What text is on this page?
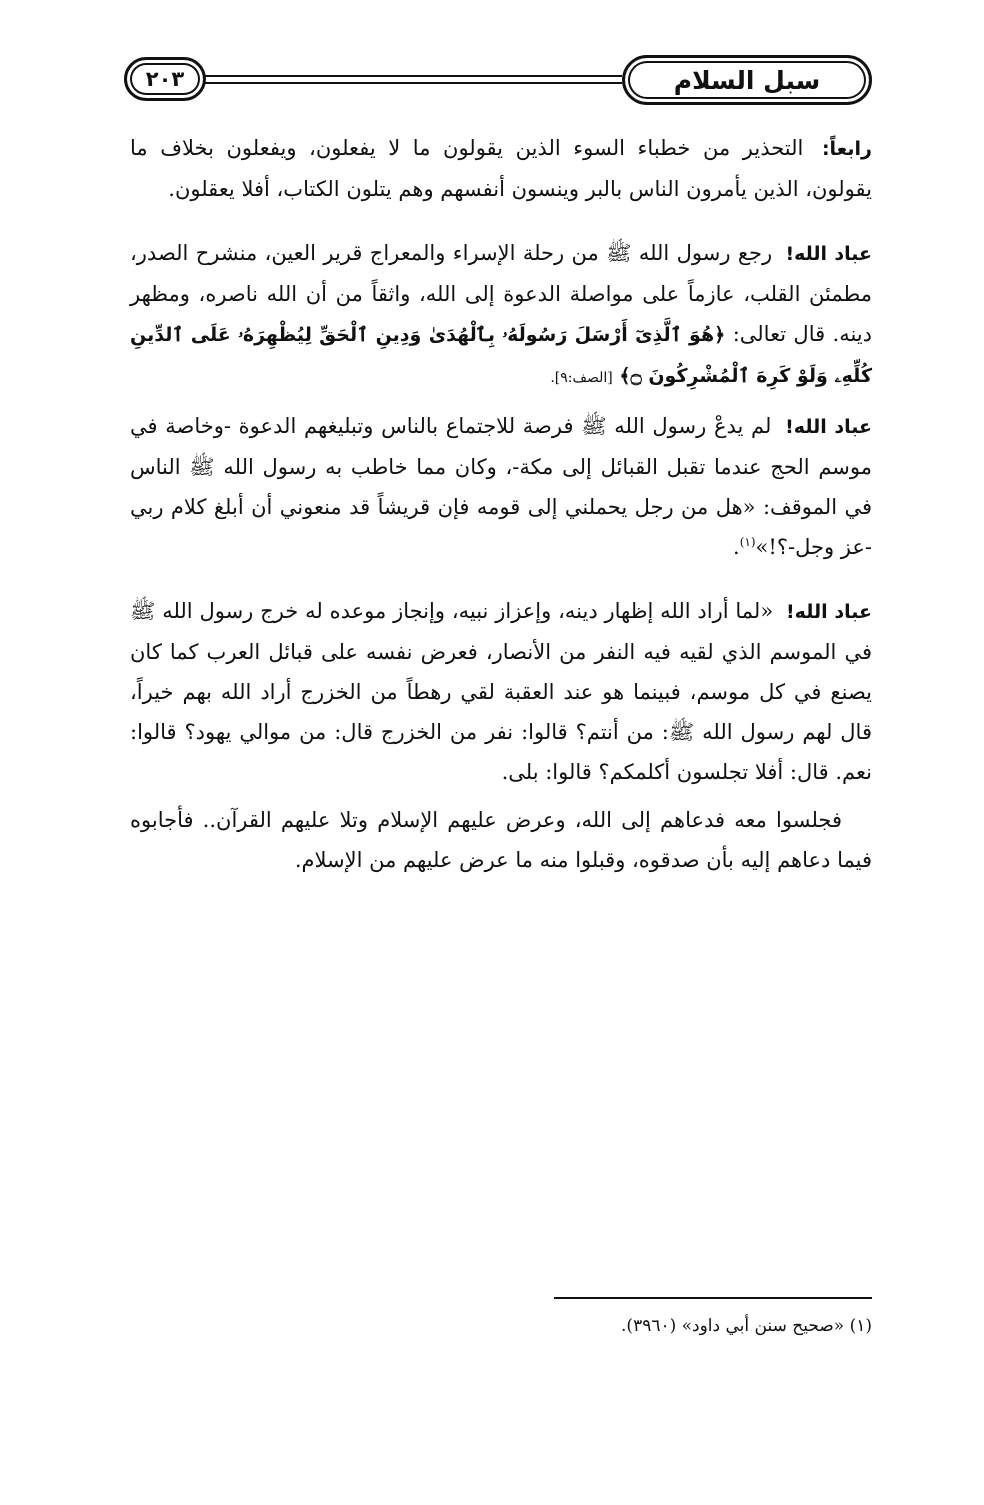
سبل السلام
٢٠٣

رابعاً: التحذير من خطباء السوء الذين يقولون ما لا يفعلون، ويفعلون بخلاف ما يقولون، الذين يأمرون الناس بالبر وينسون أنفسهم وهم يتلون الكتاب، أفلا يعقلون.

عباد الله! رجع رسول الله ﷺ من رحلة الإسراء والمعراج قرير العين، منشرح الصدر، مطمئن القلب، عازماً على مواصلة الدعوة إلى الله، واثقاً من أن الله ناصره، ومظهر دينه. قال تعالى: ﴿هُوَ ٱلَّذِىٓ أَرْسَلَ رَسُولَهُۥ بِٱلْهُدَىٰ وَدِينِ ٱلْحَقِّ لِيُظْهِرَهُۥ عَلَى ٱلدِّينِ كُلِّهِۦ وَلَوْ كَرِهَ ٱلْمُشْرِكُونَ ۝﴾ [الصف:٩].

عباد الله! لم يدعْ رسول الله ﷺ فرصة للاجتماع بالناس وتبليغهم الدعوة -وخاصة في موسم الحج عندما تقبل القبائل إلى مكة-، وكان مما خاطب به رسول الله ﷺ الناس في الموقف: «هل من رجل يحملني إلى قومه فإن قريشاً قد منعوني أن أبلغ كلام ربي -عز وجل-؟!»$^{(١)}$.

عباد الله! «لما أراد الله إظهار دينه، وإعزاز نبيه، وإنجاز موعده له خرج رسول الله ﷺ في الموسم الذي لقيه فيه النفر من الأنصار، فعرض نفسه على قبائل العرب كما كان يصنع في كل موسم، فبينما هو عند العقبة لقي رهطاً من الخزرج أراد الله بهم خيراً، قال لهم رسول الله ﷺ: من أنتم؟ قالوا: نفر من الخزرج قال: من موالي يهود؟ قالوا: نعم. قال: أفلا تجلسون أكلمكم؟ قالوا: بلى.

فجلسوا معه فدعاهم إلى الله، وعرض عليهم الإسلام وتلا عليهم القرآن.. فأجابوه فيما دعاهم إليه بأن صدقوه، وقبلوا منه ما عرض عليهم من الإسلام.

(١) «صحيح سنن أبي داود» (٣٩٦٠).
